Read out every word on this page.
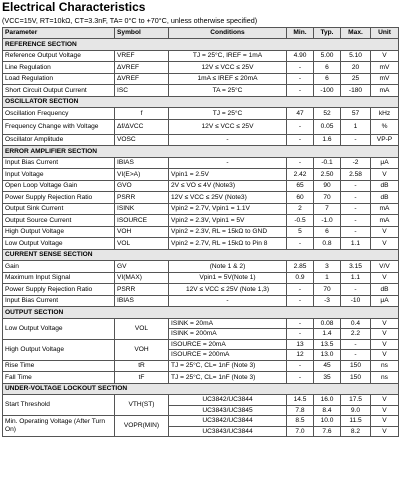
Electrical Characteristics
(VCC=15V, RT=10kΩ, CT=3.3nF, TA= 0°C to +70°C, unless otherwise specified)
Parameter	Symbol	Conditions	Min.	Typ.	Max.	Unit
REFERENCE SECTION						
Reference Output Voltage	VREF	TJ = 25°C, IREF = 1mA	4.90	5.00	5.10	V
Line Regulation	ΔVREF	12V ≤ VCC ≤ 25V	-	6	20	mV
Load Regulation	ΔVREF	1mA ≤ IREF ≤ 20mA	-	6	25	mV
Short Circuit Output Current	ISC	TA = 25°C	-	-100	-180	mA
OSCILLATOR SECTION						
Oscillation Frequency	f	TJ = 25°C	47	52	57	kHz
Frequency Change with Voltage	Δf/ΔVCC	12V ≤ VCC ≤ 25V	-	0.05	1	%
Oscillator Amplitude	VOSC	-	-	1.6	-	VP-P
ERROR AMPLIFIER SECTION						
Input Bias Current	IBIAS	-	-	-0.1	-2	μA
Input Voltage	VI(E>A)	Vpin1 = 2.5V	2.42	2.50	2.58	V
Open Loop Voltage Gain	GVO	2V ≤ VO ≤ 4V (Note3)	65	90	-	dB
Power Supply Rejection Ratio	PSRR	12V ≤ VCC ≤ 25V (Note3)	60	70	-	dB
Output Sink Current	ISINK	Vpin2 = 2.7V, Vpin1 = 1.1V	2	7	-	mA
Output Source Current	ISOURCE	Vpin2 = 2.3V, Vpin1 = 5V	-0.5	-1.0	-	mA
High Output Voltage	VOH	Vpin2 = 2.3V, RL = 15kΩ to GND	5	6	-	V
Low Output Voltage	VOL	Vpin2 = 2.7V, RL = 15kΩ to Pin 8	-	0.8	1.1	V
CURRENT SENSE SECTION						
Gain	GV	(Note 1 & 2)	2.85	3	3.15	V/V
Maximum Input Signal	VI(MAX)	Vpin1 = 5V(Note 1)	0.9	1	1.1	V
Power Supply Rejection Ratio	PSRR	12V ≤ VCC ≤ 25V (Note 1,3)	-	70	-	dB
Input Bias Current	IBIAS	-	-	-3	-10	μA
OUTPUT SECTION						
Low Output Voltage	VOL	ISINK = 20mA	-	0.08	0.4	V
		ISINK = 200mA	-	1.4	2.2	V
High Output Voltage	VOH	ISOURCE = 20mA	13	13.5	-	V
		ISOURCE = 200mA	12	13.0	-	V
Rise Time	tR	TJ = 25°C, CL= 1nF (Note 3)	-	45	150	ns
Fall Time	tF	TJ = 25°C, CL= 1nF (Note 3)	-	35	150	ns
UNDER-VOLTAGE LOCKOUT SECTION						
Start Threshold	VTH(ST)	UC3842/UC3844	14.5	16.0	17.5	V
		UC3843/UC3845	7.8	8.4	9.0	V
Min. Operating Voltage (After Turn On)	VOPR(MIN)	UC3842/UC3844	8.5	10.0	11.5	V
		UC3843/UC3844	7.0	7.6	8.2	V
